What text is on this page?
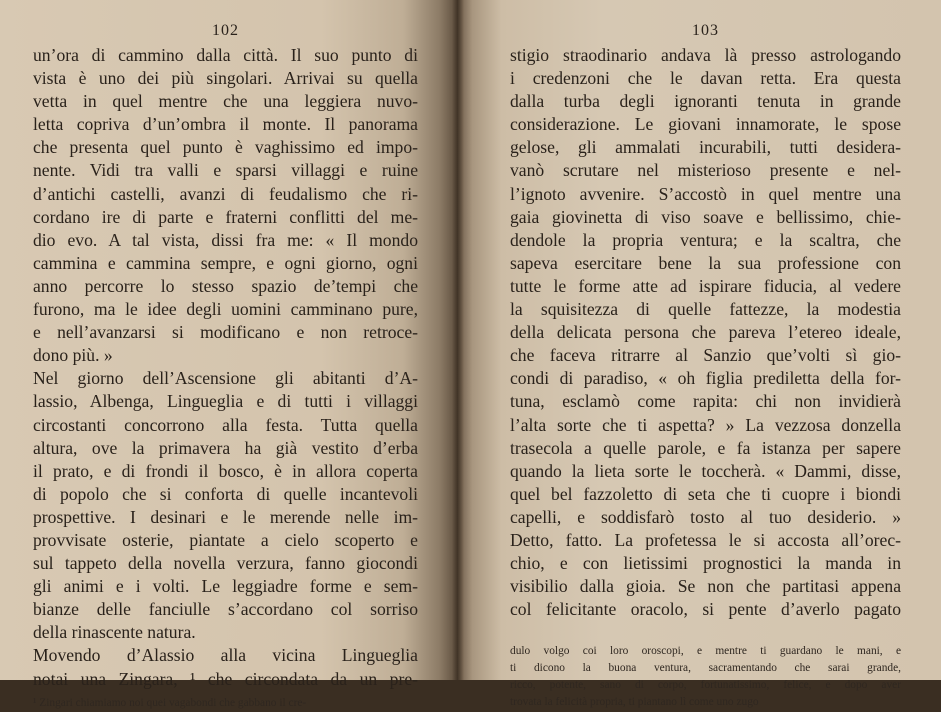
102

un’ora di cammino dalla città. Il suo punto di
vista è uno dei più singolari. Arrivai su quella
vetta in quel mentre che una leggiera nuvo-
letta copriva d’un’ombra il monte. Il panorama
che presenta quel punto è vaghissimo ed impo-
nente. Vidi tra valli e sparsi villaggi e ruine
d’antichi castelli, avanzi di feudalismo che ri-
cordano ire di parte e fraterni conflitti del me-
dio evo. A tal vista, dissi fra me: « Il mondo
cammina e cammina sempre, e ogni giorno, ogni
anno percorre lo stesso spazio de’tempi che
furono, ma le idee degli uomini camminano pure,
e nell’avanzarsi si modificano e non retroce-
dono più. »
Nel giorno dell’Ascensione gli abitanti d’A-
lassio, Albenga, Lingueglia e di tutti i villaggi
circostanti concorrono alla festa. Tutta quella
altura, ove la primavera ha già vestito d’erba
il prato, e di frondi il bosco, è in allora coperta
di popolo che si conforta di quelle incantevoli
prospettive. I desinari e le merende nelle im-
provvisate osterie, piantate a cielo scoperto e
sul tappeto della novella verzura, fanno giocondi
gli animi e i volti. Le leggiadre forme e sem-
bianze delle fanciulle s’accordano col sorriso
della rinascente natura.
Movendo d’Alassio alla vicina Lingueglia
notai una Zingara, ¹ che circondata da un pre-

¹ Zingari chiamiamo noi quei vagabondi che gabbano il cre-
103

stigio straodinario andava là presso astrologando
i credenzoni che le davan retta. Era questa
dalla turba degli ignoranti tenuta in grande
considerazione. Le giovani innamorate, le spose
gelose, gli ammalati incurabili, tutti desidera-
vanò scrutare nel misterioso presente e nel-
l’ignoto avvenire. S’accostò in quel mentre una
gaia giovinetta di viso soave e bellissimo, chie-
dendole la propria ventura; e la scaltra, che
sapeva esercitare bene la sua professione con
tutte le forme atte ad ispirare fiducia, al vedere
la squisitezza di quelle fattezze, la modestia
della delicata persona che pareva l’etereo ideale,
che faceva ritrarre al Sanzio que’volti sì gio-
condi di paradiso, « oh figlia prediletta della for-
tuna, esclamò come rapita: chi non invidierà
l’alta sorte che ti aspetta? » La vezzosa donzella
trasecola a quelle parole, e fa istanza per sapere
quando la lieta sorte le toccherà. « Dammi, disse,
quel bel fazzoletto di seta che ti cuopre i biondi
capelli, e soddisfarò tosto al tuo desiderio. »
Detto, fatto. La profetessa le si accosta all’orec-
chio, e con lietissimi prognostici la manda in
visibilio dalla gioia. Se non che partitasi appena
col felicitante oracolo, si pente d’averlo pagato

dulo volgo coi loro oroscopi, e mentre ti guardano le mani, e
ti dicono la buona ventura, sacramentando che sarai grande,
ricco, potente, sano di corpo, fortunatissimo, felice, e dopo aver
trovata la felicità propria, ti piantano lì come uno zugo
